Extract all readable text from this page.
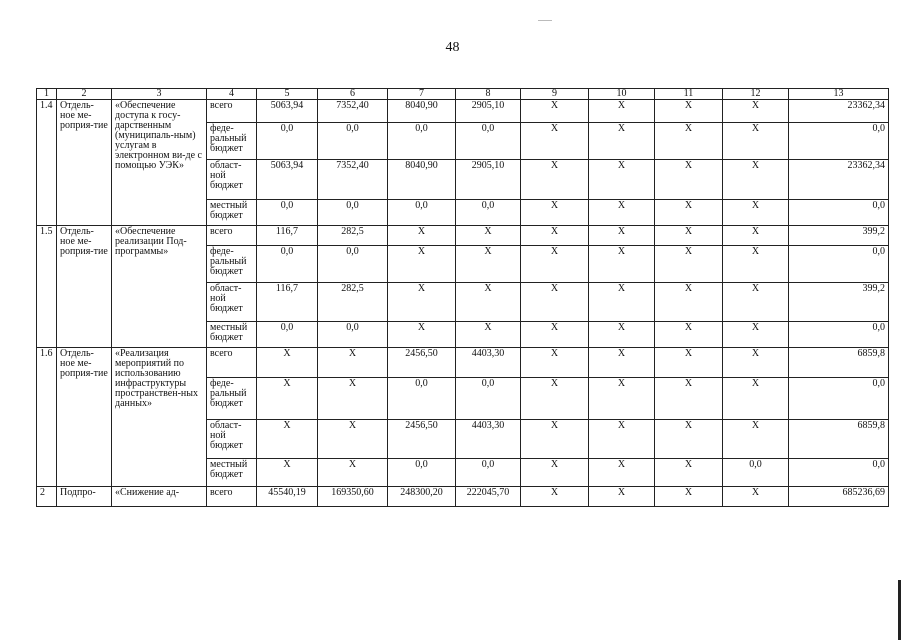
48
1	2	3	4	5	6	7	8	9	10	11	12	13
1.4	Отдель-ное ме-роприя-тие	«Обеспечение доступа к госу-дарственным (муниципаль-ным) услугам в электронном ви-де с помощью УЭК»	всего	5063,94	7352,40	8040,90	2905,10	X	X	X	X	23362,34
			феде-ральный бюджет	0,0	0,0	0,0	0,0	X	X	X	X	0,0
			област-ной бюджет	5063,94	7352,40	8040,90	2905,10	X	X	X	X	23362,34
			местный бюджет	0,0	0,0	0,0	0,0	X	X	X	X	0,0
1.5	Отдель-ное ме-роприя-тие	«Обеспечение реализации Под-программы»	всего	116,7	282,5	X	X	X	X	X	X	399,2
			феде-ральный бюджет	0,0	0,0	X	X	X	X	X	X	0,0
			област-ной бюджет	116,7	282,5	X	X	X	X	X	X	399,2
			местный бюджет	0,0	0,0	X	X	X	X	X	X	0,0
1.6	Отдель-ное ме-роприя-тие	«Реализация мероприятий по использованию инфраструктуры пространствен-ных данных»	всего	X	X	2456,50	4403,30	X	X	X	X	6859,8
			феде-ральный бюджет	X	X	0,0	0,0	X	X	X	X	0,0
			област-ной бюджет	X	X	2456,50	4403,30	X	X	X	X	6859,8
			местный бюджет	X	X	0,0	0,0	X	X	X	0,0	0,0
2	Подпро-	«Снижение ад-	всего	45540,19	169350,60	248300,20	222045,70	X	X	X	X	685236,69
